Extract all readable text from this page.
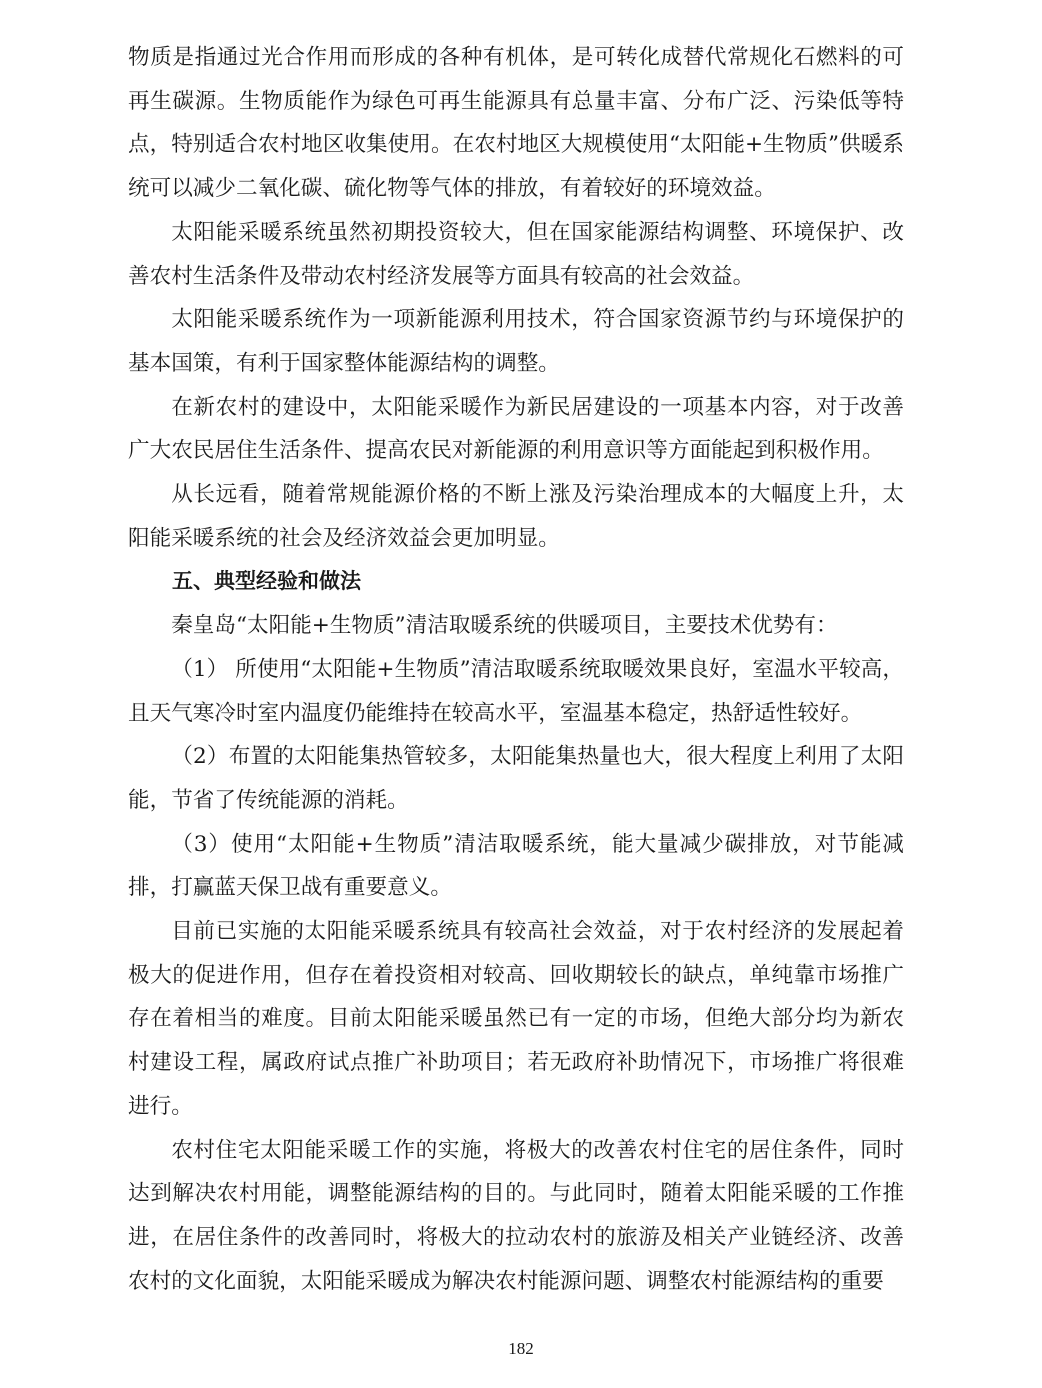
物质是指通过光合作用而形成的各种有机体，是可转化成替代常规化石燃料的可再生碳源。生物质能作为绿色可再生能源具有总量丰富、分布广泛、污染低等特点，特别适合农村地区收集使用。在农村地区大规模使用“太阳能+生物质”供暖系统可以减少二氧化碳、硫化物等气体的排放，有着较好的环境效益。

太阳能采暖系统虽然初期投资较大，但在国家能源结构调整、环境保护、改善农村生活条件及带动农村经济发展等方面具有较高的社会效益。

太阳能采暖系统作为一项新能源利用技术，符合国家资源节约与环境保护的基本国策，有利于国家整体能源结构的调整。

在新农村的建设中，太阳能采暖作为新民居建设的一项基本内容，对于改善广大农民居住生活条件、提高农民对新能源的利用意识等方面能起到积极作用。

从长远看，随着常规能源价格的不断上涨及污染治理成本的大幅度上升，太阳能采暖系统的社会及经济效益会更加明显。

五、典型经验和做法

秦皇岛“太阳能+生物质”清洁取暖系统的供暖项目，主要技术优势有：

（1） 所使用“太阳能+生物质”清洁取暖系统取暖效果良好，室温水平较高，且天气寒冷时室内温度仍能维持在较高水平，室温基本稳定，热舒适性较好。

（2）布置的太阳能集热管较多，太阳能集热量也大，很大程度上利用了太阳能，节省了传统能源的消耗。

（3）使用“太阳能+生物质”清洁取暖系统，能大量减少碳排放，对节能减排，打赢蓝天保卫战有重要意义。

目前已实施的太阳能采暖系统具有较高社会效益，对于农村经济的发展起着极大的促进作用，但存在着投资相对较高、回收期较长的缺点，单纯靠市场推广存在着相当的难度。目前太阳能采暖虽然已有一定的市场，但绝大部分均为新农村建设工程，属政府试点推广补助项目；若无政府补助情况下，市场推广将很难进行。

农村住宅太阳能采暖工作的实施，将极大的改善农村住宅的居住条件，同时达到解决农村用能，调整能源结构的目的。与此同时，随着太阳能采暖的工作推进，在居住条件的改善同时，将极大的拉动农村的旅游及相关产业链经济、改善农村的文化面貌，太阳能采暖成为解决农村能源问题、调整农村能源结构的重要

182
